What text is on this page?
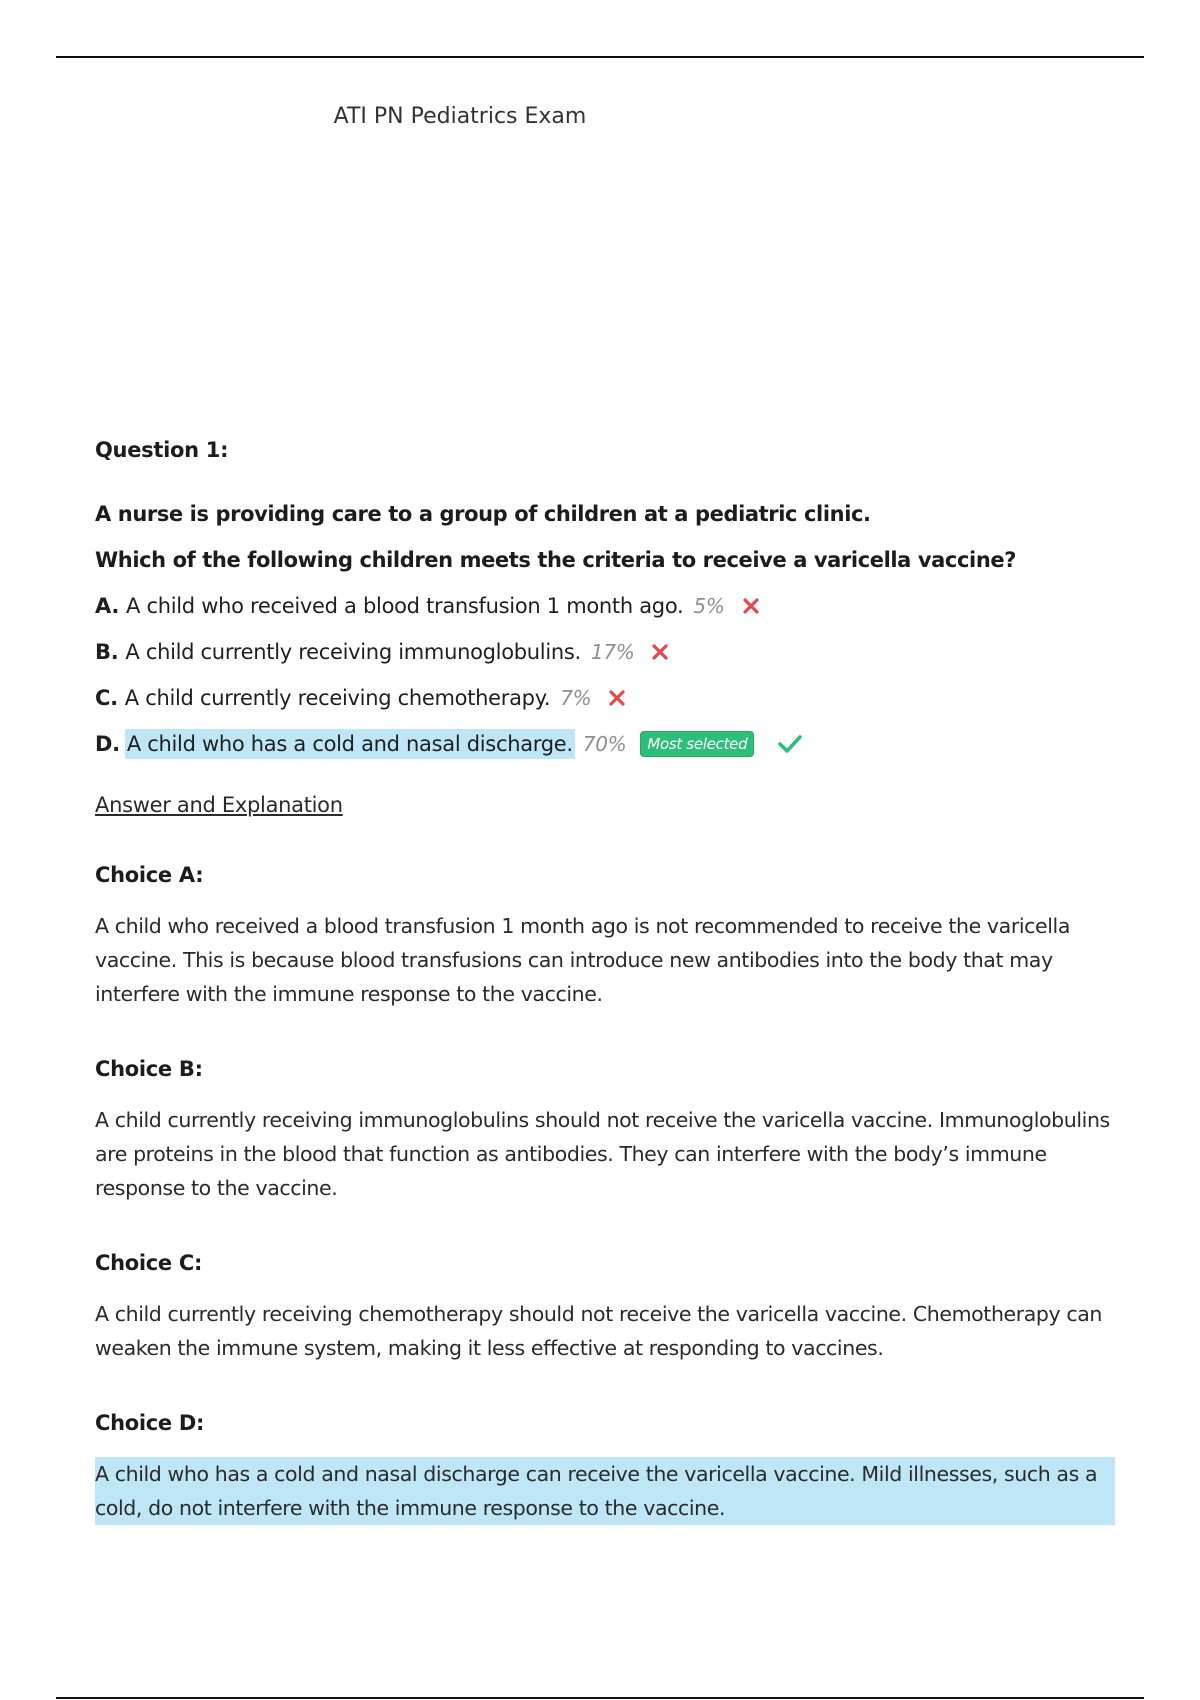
ATI PN Pediatrics Exam
Question 1:
A nurse is providing care to a group of children at a pediatric clinic.
Which of the following children meets the criteria to receive a varicella vaccine?
A. A child who received a blood transfusion 1 month ago. 5%
B. A child currently receiving immunoglobulins. 17%
C. A child currently receiving chemotherapy. 7%
D. A child who has a cold and nasal discharge. 70%	Most selected
Answer and Explanation
Choice A:

A child who received a blood transfusion 1 month ago is not recommended to receive the varicella vaccine. This is because blood transfusions can introduce new antibodies into the body that may interfere with the immune response to the vaccine.

Choice B:

A child currently receiving immunoglobulins should not receive the varicella vaccine. Immunoglobulins are proteins in the blood that function as antibodies. They can interfere with the body’s immune response to the vaccine.

Choice C:

A child currently receiving chemotherapy should not receive the varicella vaccine. Chemotherapy can weaken the immune system, making it less effective at responding to vaccines.

Choice D:

A child who has a cold and nasal discharge can receive the varicella vaccine. Mild illnesses, such as a cold, do not interfere with the immune response to the vaccine.
